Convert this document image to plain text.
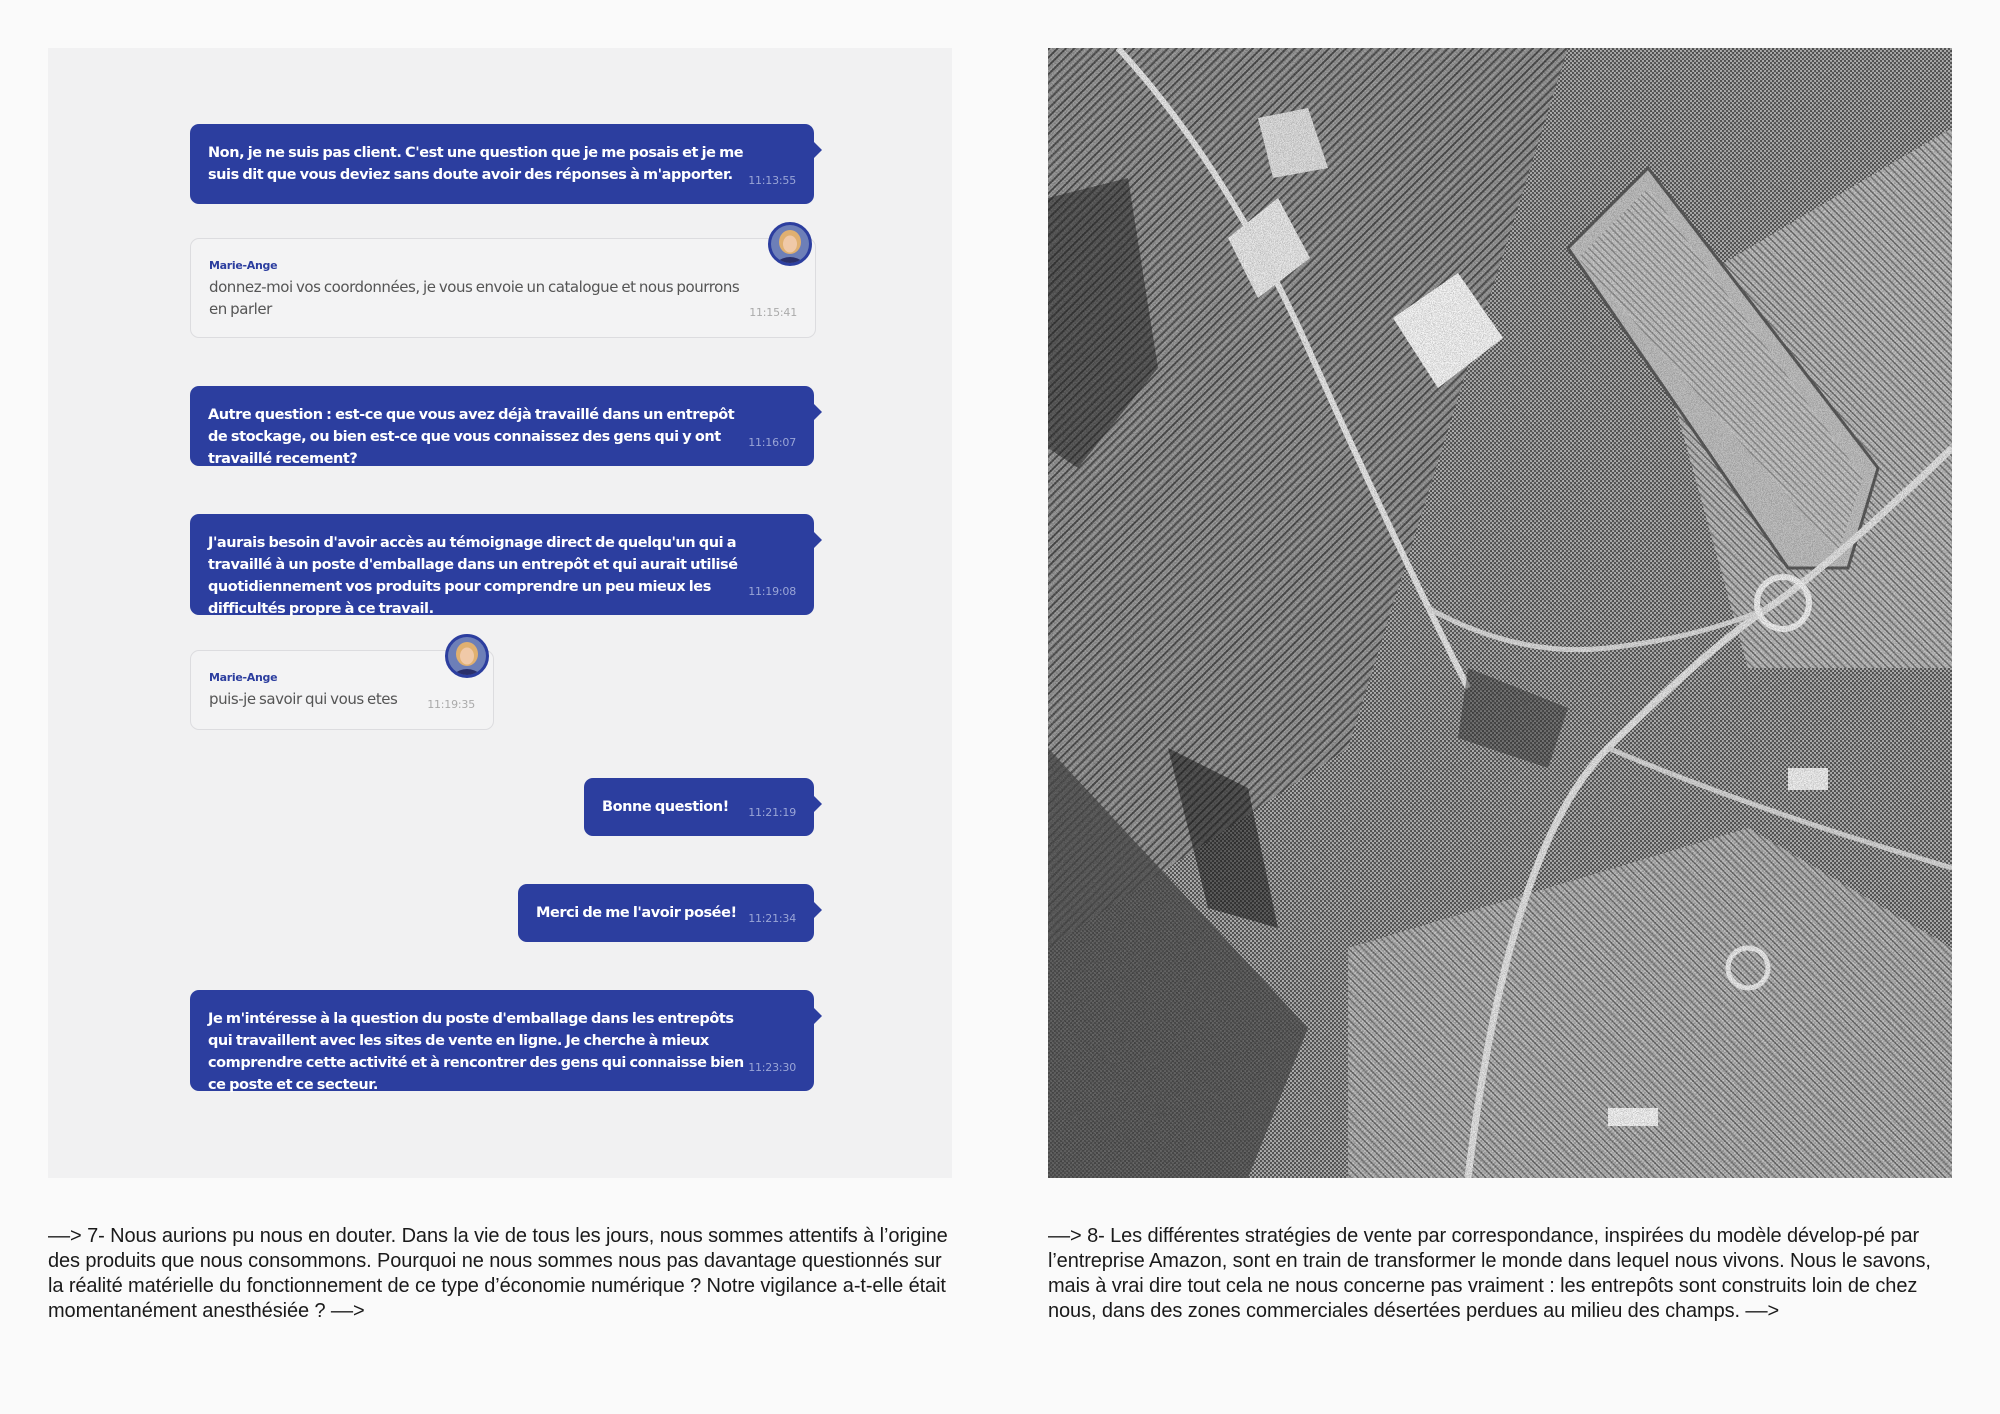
Non, je ne suis pas client. C'est une question que je me posais et je me suis dit que vous deviez sans doute avoir des réponses à m'apporter.	11:13:55
Marie-Ange
donnez-moi vos coordonnées, je vous envoie un catalogue et nous pourrons en parler	11:15:41
Autre question : est-ce que vous avez déjà travaillé dans un entrepôt de stockage, ou bien est-ce que vous connaissez des gens qui y ont travaillé recement?
11:16:07
J'aurais besoin d'avoir accès au témoignage direct de quelqu'un qui a travaillé à un poste d'emballage dans un entrepôt et qui aurait utilisé quotidiennement vos produits pour comprendre un peu mieux les difficultés propre à ce travail.
11:19:08
Marie-Ange
puis-je savoir qui vous etes	11:19:35
Bonne question!	11:21:19
Merci de me l'avoir posée!	11:21:34
Je m'intéresse à la question du poste d'emballage dans les entrepôts qui travaillent avec les sites de vente en ligne. Je cherche à mieux comprendre cette activité et à rencontrer des gens qui connaisse bien ce poste et ce secteur.
11:23:30
––> 7- Nous aurions pu nous en douter. Dans la vie de tous les jours, nous sommes attentifs à l’origine des produits que nous consommons. Pourquoi ne nous sommes nous pas davantage questionnés sur la réalité matérielle du fonctionnement de ce type d’économie numérique ? Notre vigilance a-t-elle était momentanément anesthésiée ? ––>
––> 8- Les différentes stratégies de vente par correspondance, inspirées du modèle dévelop-pé par l’entreprise Amazon, sont en train de transformer le monde dans lequel nous vivons. Nous le savons, mais à vrai dire tout cela ne nous concerne pas vraiment : les entrepôts sont construits loin de chez nous, dans des zones commerciales désertées perdues au milieu des champs. ––>
